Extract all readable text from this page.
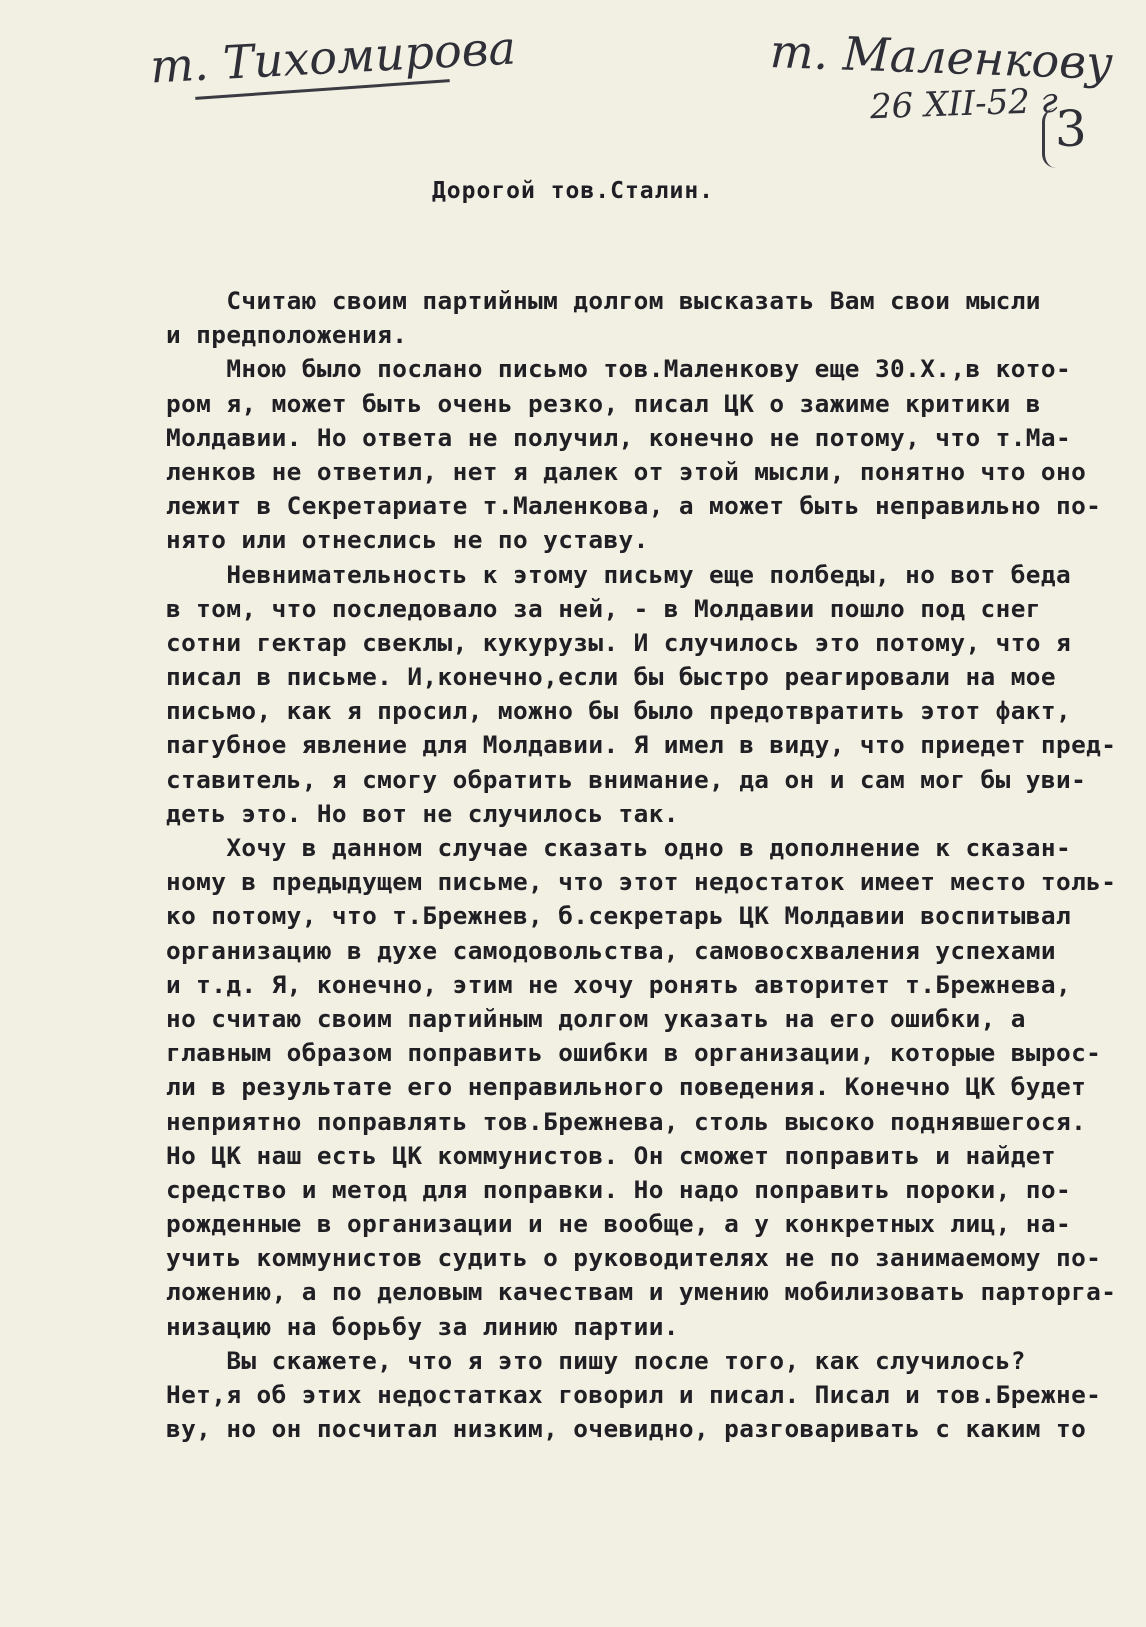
т. Тихомирова	т. Маленкову
26 XII-52 г
3
Дорогой тов.Сталин.
Считаю своим партийным долгом высказать Вам свои мысли
и предположения.
Мною было послано письмо тов.Маленкову еще 30.Х.,в кото-
ром я, может быть очень резко, писал ЦК о зажиме критики в
Молдавии. Но ответа не получил, конечно не потому, что т.Ма-
ленков не ответил, нет я далек от этой мысли, понятно что оно
лежит в Секретариате т.Маленкова, а может быть неправильно по-
нято или отнеслись не по уставу.
Невнимательность к этому письму еще полбеды, но вот беда
в том, что последовало за ней, - в Молдавии пошло под снег
сотни гектар свеклы, кукурузы. И случилось это потому, что я
писал в письме. И,конечно,если бы быстро реагировали на мое
письмо, как я просил, можно бы было предотвратить этот факт,
пагубное явление для Молдавии. Я имел в виду, что приедет пред-
ставитель, я смогу обратить внимание, да он и сам мог бы уви-
деть это. Но вот не случилось так.
Хочу в данном случае сказать одно в дополнение к сказан-
ному в предыдущем письме, что этот недостаток имеет место толь-
ко потому, что т.Брежнев, б.секретарь ЦК Молдавии воспитывал
организацию в духе самодовольства, самовосхваления успехами
и т.д. Я, конечно, этим не хочу ронять авторитет т.Брежнева,
но считаю своим партийным долгом указать на его ошибки, а
главным образом поправить ошибки в организации, которые вырос-
ли в результате его неправильного поведения. Конечно ЦК будет
неприятно поправлять тов.Брежнева, столь высоко поднявшегося.
Но ЦК наш есть ЦК коммунистов. Он сможет поправить и найдет
средство и метод для поправки. Но надо поправить пороки, по-
рожденные в организации и не вообще, а у конкретных лиц, на-
учить коммунистов судить о руководителях не по занимаемому по-
ложению, а по деловым качествам и умению мобилизовать парторга-
низацию на борьбу за линию партии.
Вы скажете, что я это пишу после того, как случилось?
Нет,я об этих недостатках говорил и писал. Писал и тов.Брежне-
ву, но он посчитал низким, очевидно, разговаривать с каким то
